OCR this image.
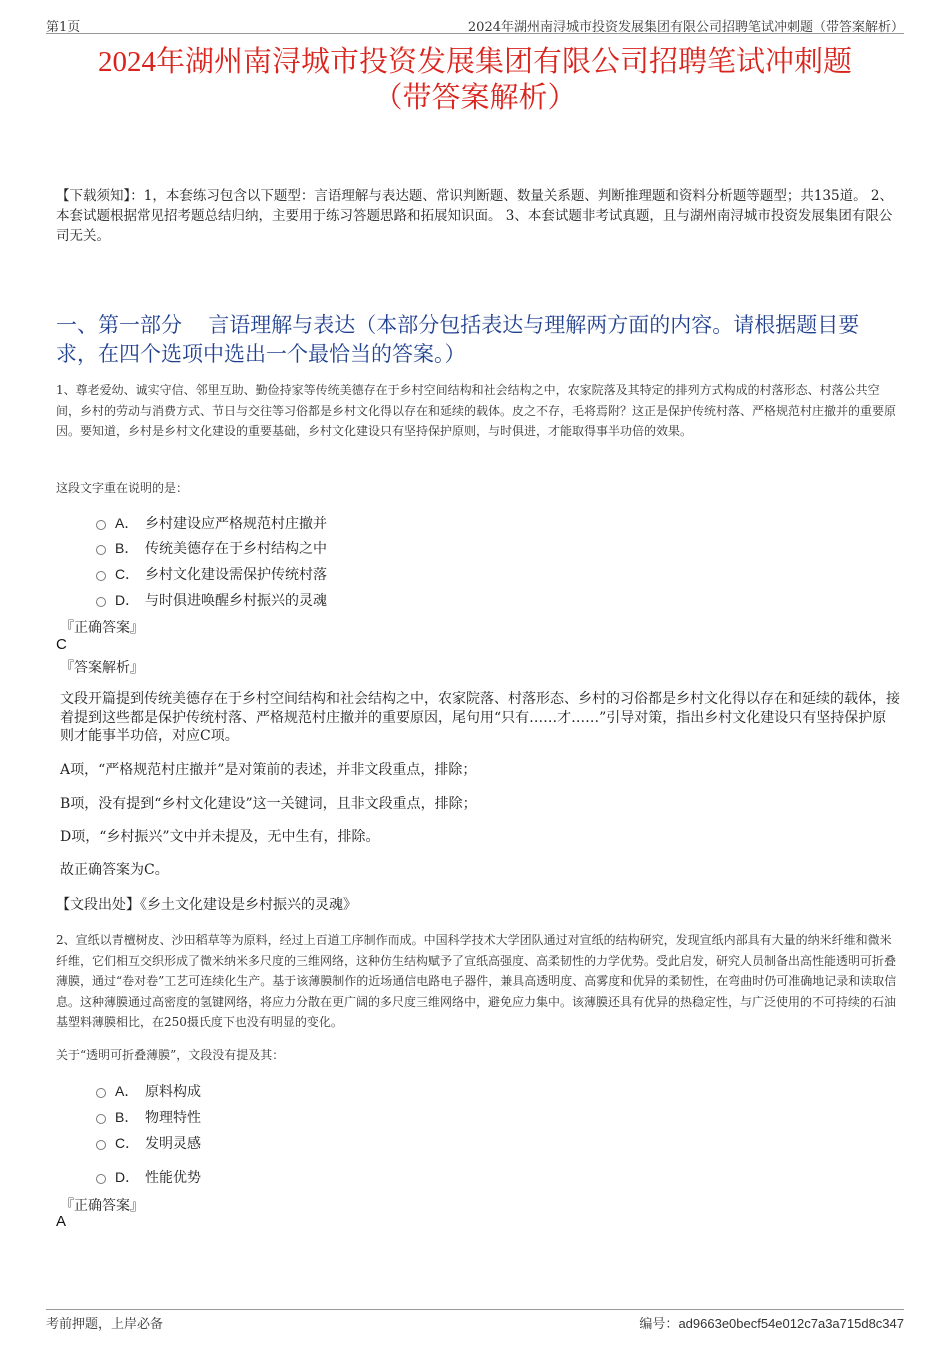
第1页	2024年湖州南浔城市投资发展集团有限公司招聘笔试冲刺题（带答案解析）
2024年湖州南浔城市投资发展集团有限公司招聘笔试冲刺题
（带答案解析）
【下载须知】：1，本套练习包含以下题型：言语理解与表达题、常识判断题、数量关系题、判断推理题和资料分析题等题型；共135道。 2、本套试题根据常见招考题总结归纳，主要用于练习答题思路和拓展知识面。 3、本套试题非考试真题，且与湖州南浔城市投资发展集团有限公司无关。
一、第一部分　 言语理解与表达（本部分包括表达与理解两方面的内容。请根据题目要求，在四个选项中选出一个最恰当的答案。）
1、尊老爱幼、诚实守信、邻里互助、勤俭持家等传统美德存在于乡村空间结构和社会结构之中，农家院落及其特定的排列方式构成的村落形态、村落公共空间，乡村的劳动与消费方式、节日与交往等习俗都是乡村文化得以存在和延续的载体。皮之不存，毛将焉附？这正是保护传统村落、严格规范村庄撤并的重要原因。要知道，乡村是乡村文化建设的重要基础，乡村文化建设只有坚持保护原则，与时俱进，才能取得事半功倍的效果。
这段文字重在说明的是：
A． 乡村建设应严格规范村庄撤并
B． 传统美德存在于乡村结构之中
C． 乡村文化建设需保护传统村落
D． 与时俱进唤醒乡村振兴的灵魂
『正确答案』
C
『答案解析』
文段开篇提到传统美德存在于乡村空间结构和社会结构之中，农家院落、村落形态、乡村的习俗都是乡村文化得以存在和延续的载体，接着提到这些都是保护传统村落、严格规范村庄撤并的重要原因，尾句用“只有……才……”引导对策，指出乡村文化建设只有坚持保护原则才能事半功倍，对应C项。
A项，“严格规范村庄撤并”是对策前的表述，并非文段重点，排除；
B项，没有提到“乡村文化建设”这一关键词，且非文段重点，排除；
D项，“乡村振兴”文中并未提及，无中生有，排除。
故正确答案为C。
【文段出处】《乡土文化建设是乡村振兴的灵魂》
2、宣纸以青檀树皮、沙田稻草等为原料，经过上百道工序制作而成。中国科学技术大学团队通过对宣纸的结构研究，发现宣纸内部具有大量的纳米纤维和微米纤维，它们相互交织形成了微米纳米多尺度的三维网络，这种仿生结构赋予了宣纸高强度、高柔韧性的力学优势。受此启发，研究人员制备出高性能透明可折叠薄膜，通过“卷对卷”工艺可连续化生产。基于该薄膜制作的近场通信电路电子器件，兼具高透明度、高雾度和优异的柔韧性，在弯曲时仍可准确地记录和读取信息。这种薄膜通过高密度的氢键网络，将应力分散在更广阔的多尺度三维网络中，避免应力集中。该薄膜还具有优异的热稳定性，与广泛使用的不可持续的石油基塑料薄膜相比，在250摄氏度下也没有明显的变化。
关于“透明可折叠薄膜”，文段没有提及其：
A． 原料构成
B． 物理特性
C． 发明灵感
D． 性能优势
『正确答案』
A
考前押题，上岸必备	编号：ad9663e0becf54e012c7a3a715d8c347
